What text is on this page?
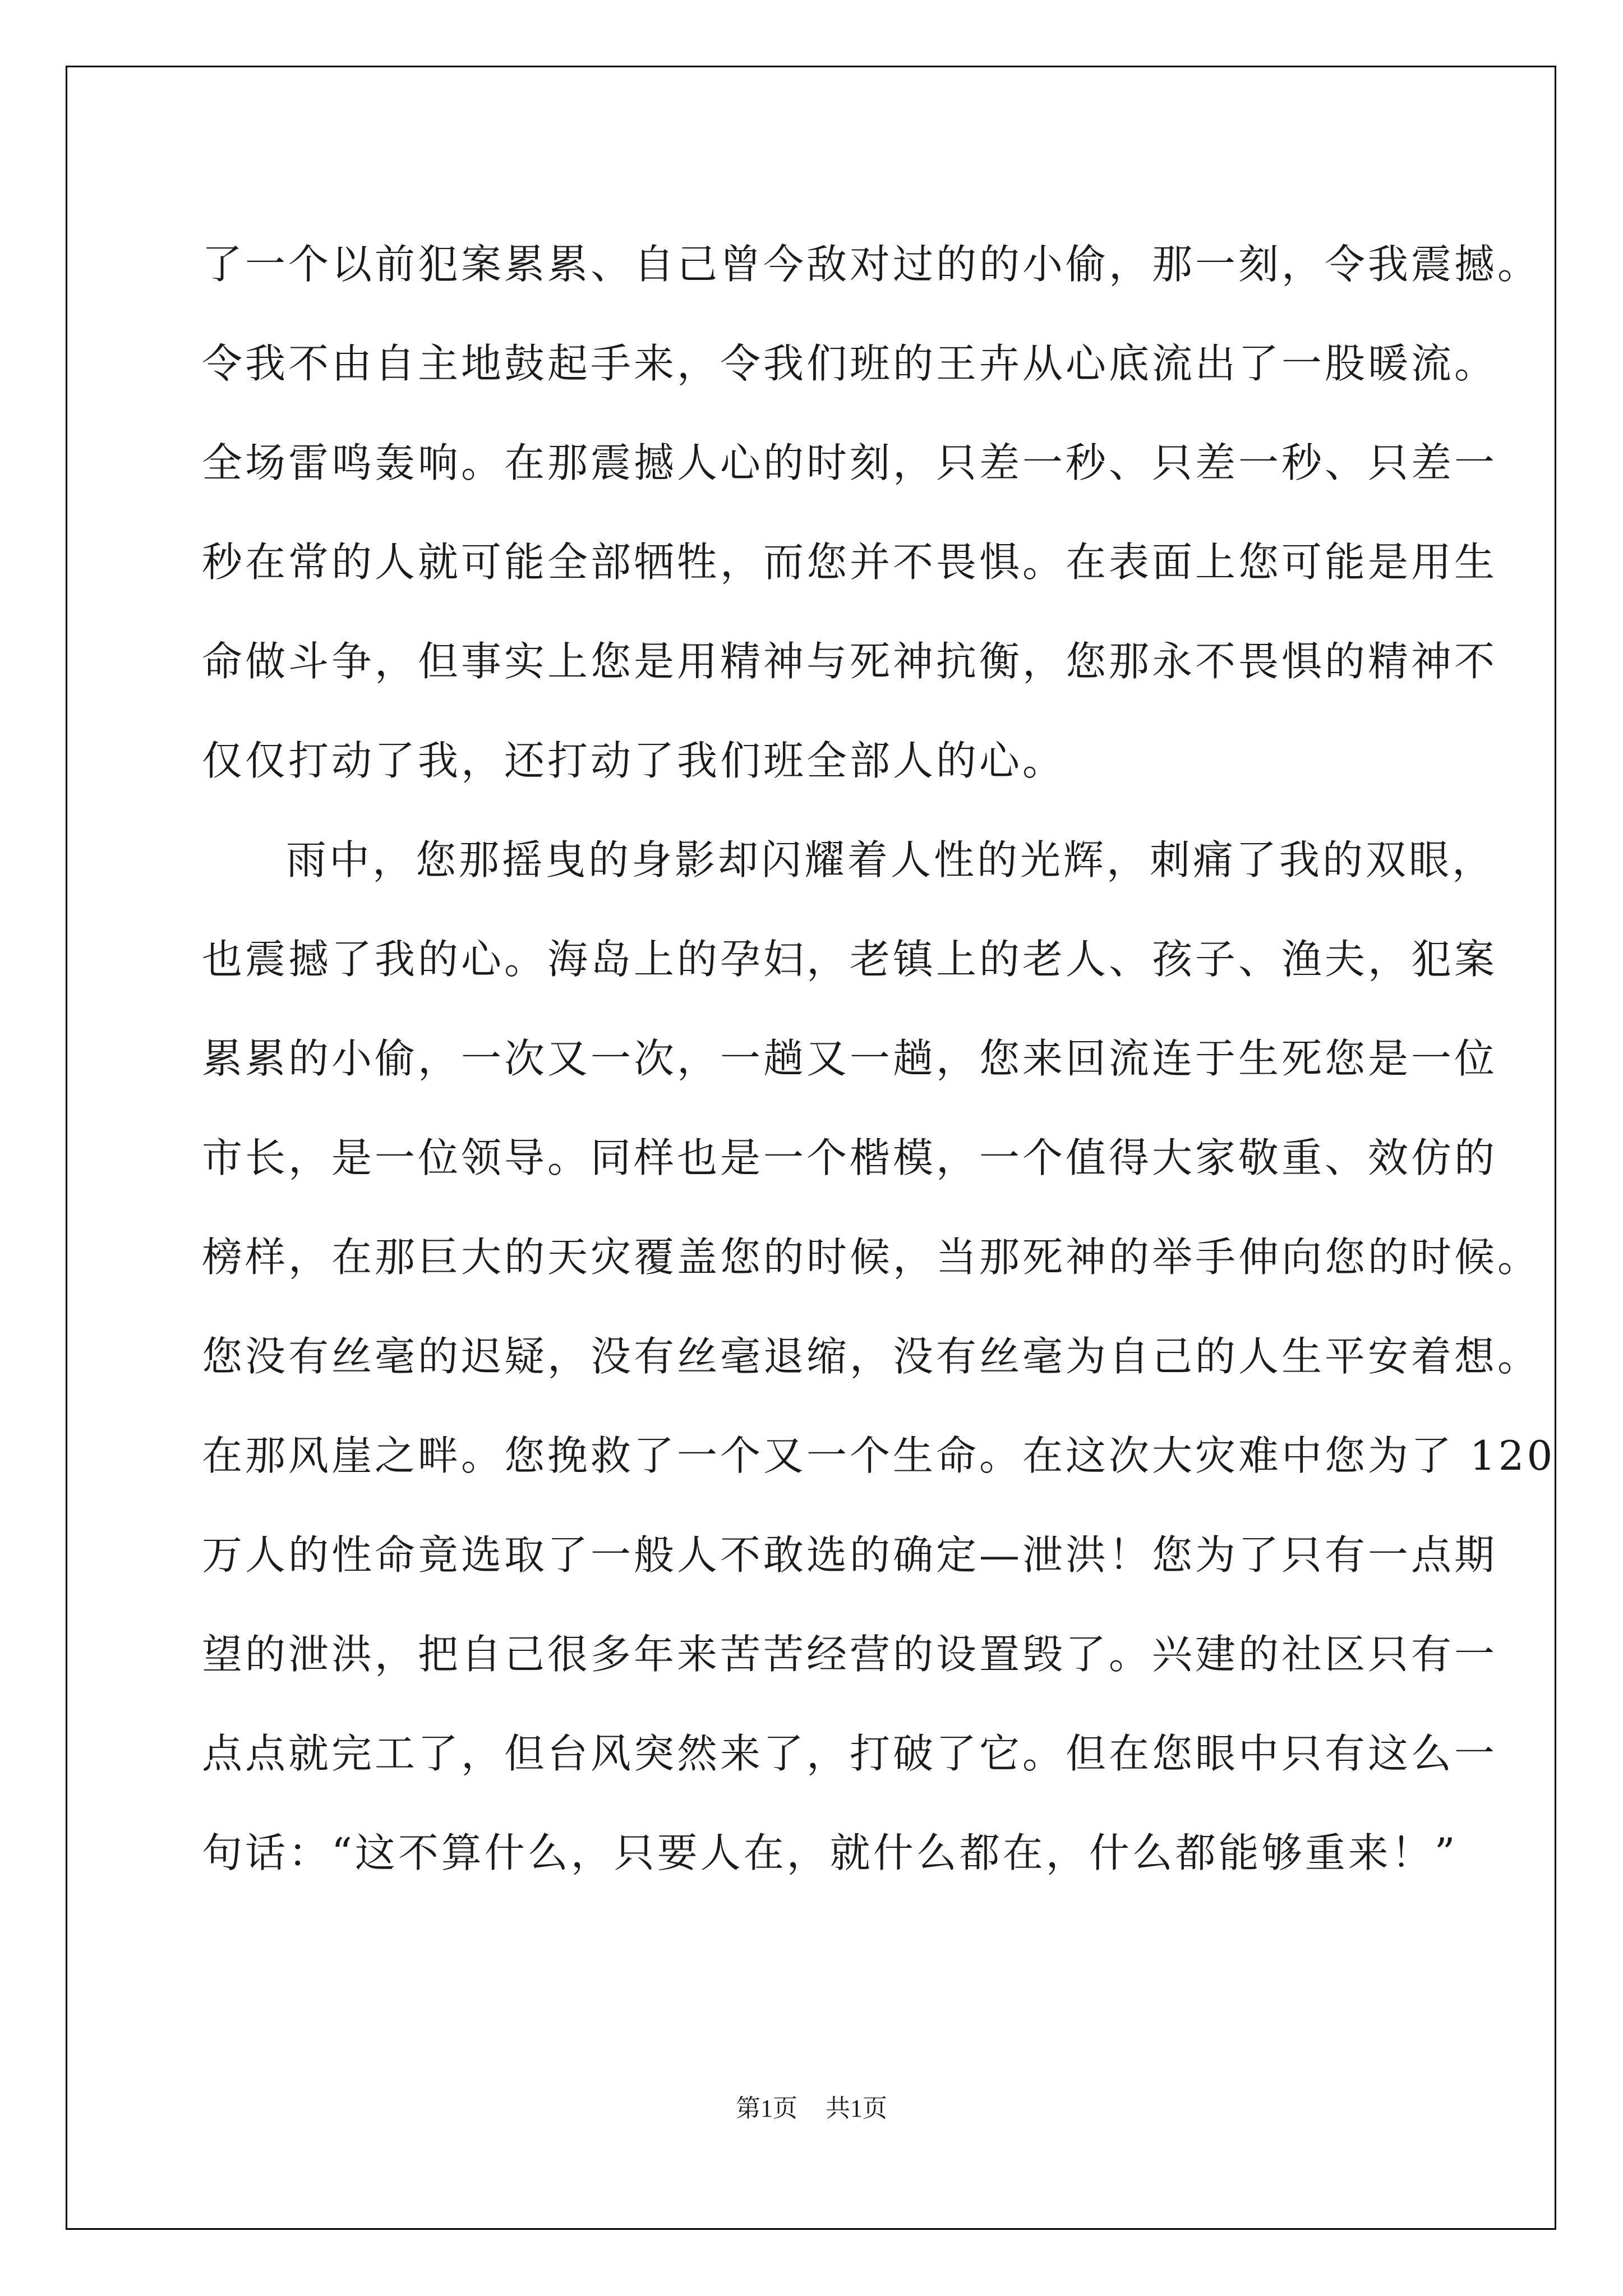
了一个以前犯案累累、自己曾今敌对过的的小偷，那一刻，令我震撼。
令我不由自主地鼓起手来，令我们班的王卉从心底流出了一股暖流。
全场雷鸣轰响。在那震撼人心的时刻，只差一秒、只差一秒、只差一
秒在常的人就可能全部牺牲，而您并不畏惧。在表面上您可能是用生
命做斗争，但事实上您是用精神与死神抗衡，您那永不畏惧的精神不
仅仅打动了我，还打动了我们班全部人的心。
雨中，您那摇曳的身影却闪耀着人性的光辉，刺痛了我的双眼，
也震撼了我的心。海岛上的孕妇，老镇上的老人、孩子、渔夫，犯案
累累的小偷，一次又一次，一趟又一趟，您来回流连于生死您是一位
市长，是一位领导。同样也是一个楷模，一个值得大家敬重、效仿的
榜样，在那巨大的天灾覆盖您的时候，当那死神的举手伸向您的时候。
您没有丝毫的迟疑，没有丝毫退缩，没有丝毫为自己的人生平安着想。
在那风崖之畔。您挽救了一个又一个生命。在这次大灾难中您为了 120
万人的性命竟选取了一般人不敢选的确定—泄洪！您为了只有一点期
望的泄洪，把自己很多年来苦苦经营的设置毁了。兴建的社区只有一
点点就完工了，但台风突然来了，打破了它。但在您眼中只有这么一
句话：“这不算什么，只要人在，就什么都在，什么都能够重来！”
第1页 共1页
